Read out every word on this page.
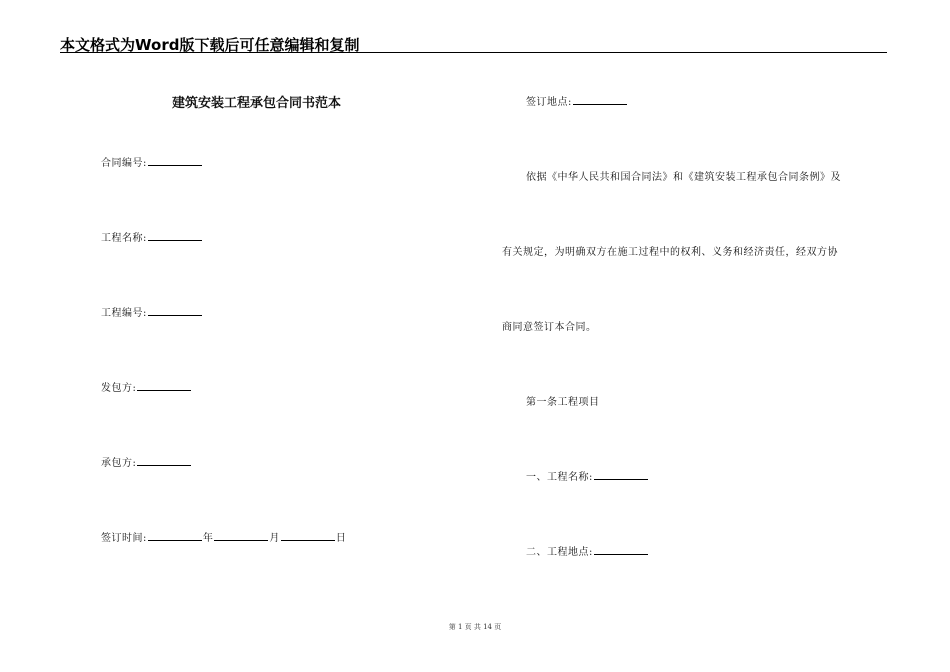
本文格式为Word版下载后可任意编辑和复制
建筑安装工程承包合同书范本
合同编号:
工程名称:
工程编号:
发包方:
承包方:
签订时间:	年	月	日
签订地点:
依据《中华人民共和国合同法》和《建筑安装工程承包合同条例》及
有关规定，为明确双方在施工过程中的权利、义务和经济责任，经双方协
商同意签订本合同。
第一条工程项目
一、工程名称:
二、工程地点:
第 1 页 共 14 页
